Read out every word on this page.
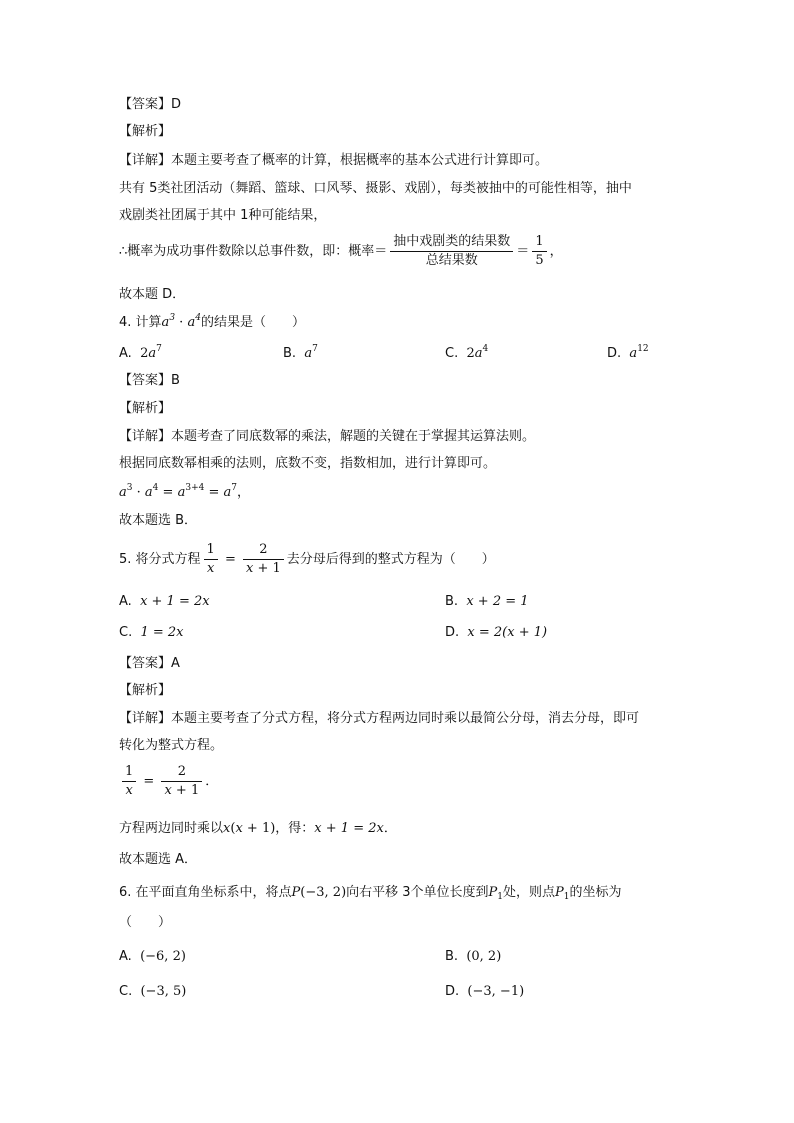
【答案】D
【解析】
【详解】本题主要考查了概率的计算，根据概率的基本公式进行计算即可。
共有 5类社团活动（舞蹈、篮球、口风琴、摄影、戏剧），每类被抽中的可能性相等，抽中
戏剧类社团属于其中 1种可能结果，
∴概率为成功事件数除以总事件数，即：概率＝ $\frac{\text{抽中戏剧类的结果数}}{\text{总结果数}} = \frac{1}{5}$ ，
故本题 D．
4. 计算$a^3 \cdot a^4$的结果是（　　）
A. $2a^7$	B. $a^7$	C. $2a^4$	D. $a^{12}$
【答案】B
【解析】
【详解】本题考查了同底数幂的乘法，解题的关键在于掌握其运算法则。
根据同底数幂相乘的法则，底数不变，指数相加，进行计算即可。
$a^3 \cdot a^4 = a^{3+4} = a^7$，
故本题选 B．
5. 将分式方程 $\frac{1}{x} = \frac{2}{x + 1}$ 去分母后得到的整式方程为（　　）
A. x + 1 = 2x	B. x + 2 = 1
C. 1 = 2x	D. x = 2(x + 1)
【答案】A
【解析】
【详解】本题主要考查了分式方程，将分式方程两边同时乘以最简公分母，消去分母，即可
转化为整式方程。
$\frac{1}{x} = \frac{2}{x + 1}$ ．
方程两边同时乘以x(x + 1)，得：x + 1 = 2x．
故本题选 A．
6. 在平面直角坐标系中，将点P(−3, 2)向右平移 3个单位长度到$P_1$处，则点$P_1$的坐标为
（　　）
A. (−6, 2)	B. (0, 2)
C. (−3, 5)	D. (−3, −1)
